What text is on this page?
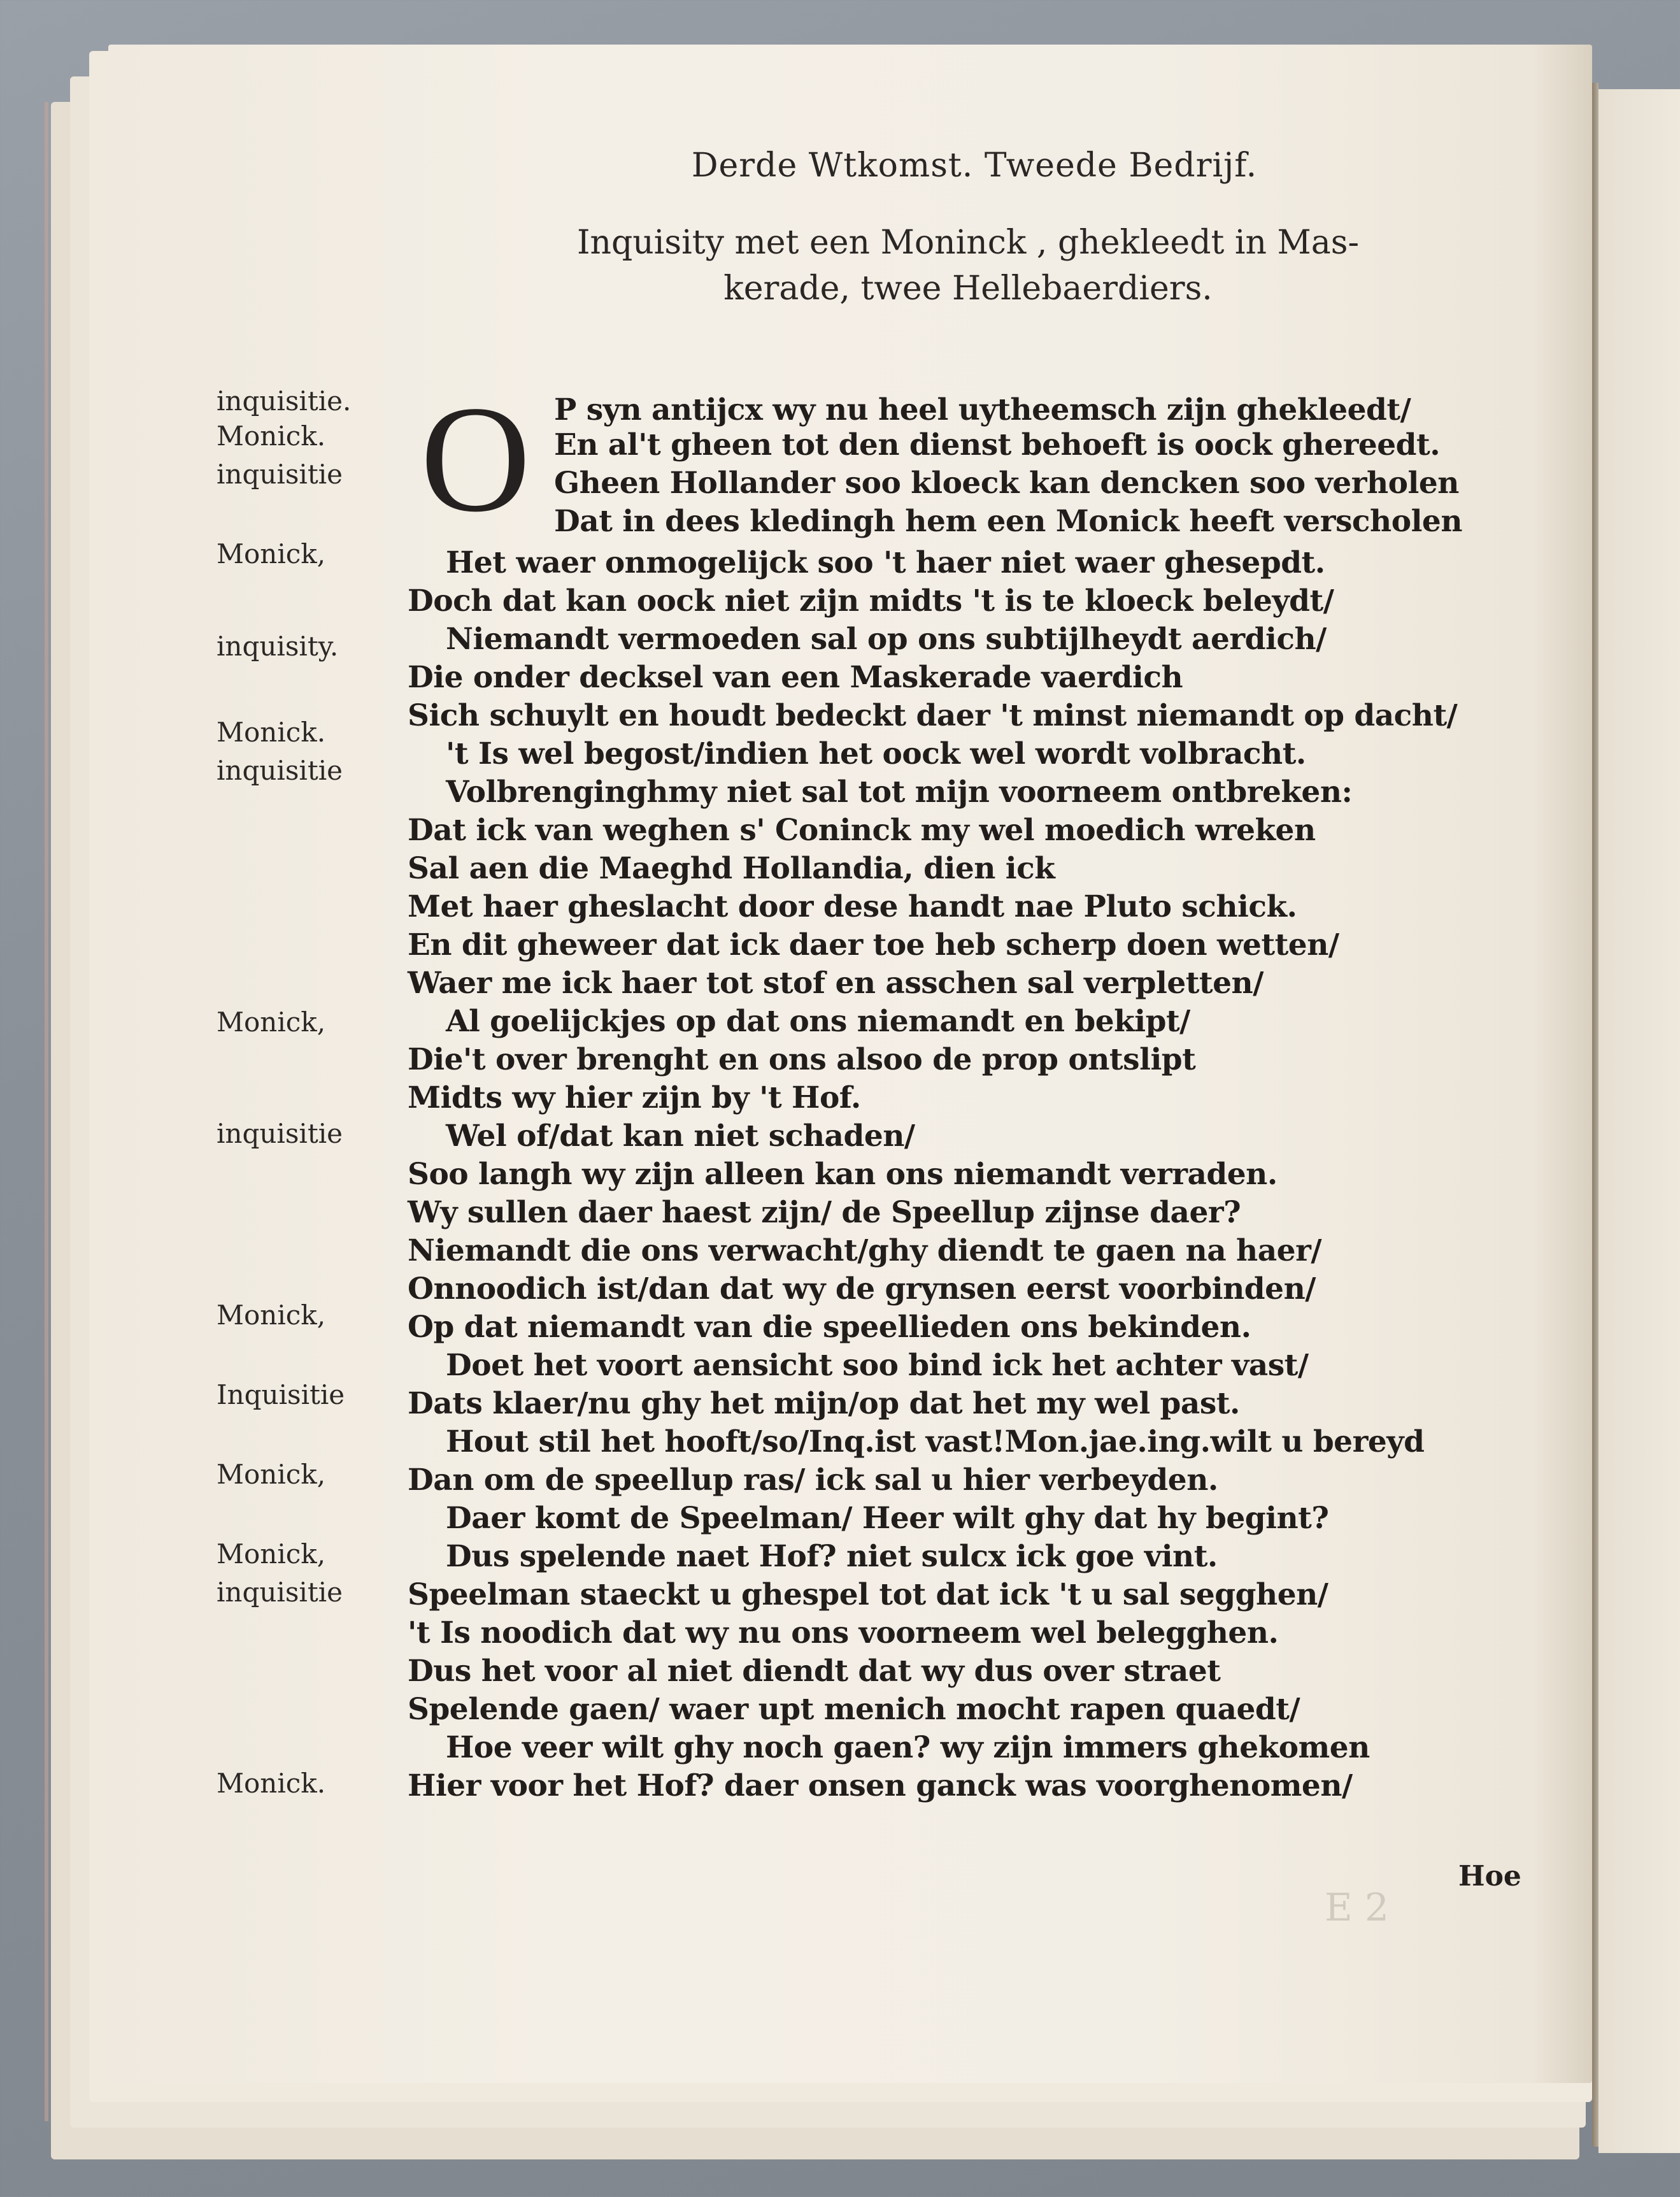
E 2
Derde Wtkomst. Tweede Bedrijf.
Inquisity met een Moninck , ghekleedt in Mas-
kerade, twee Hellebaerdiers.
O
inquisitie.
Monick.
inquisitie
Monick,
inquisity.
Monick.
inquisitie
Monick,
inquisitie
Monick,
Inquisitie
Monick,
Monick,
inquisitie
Monick.
P syn antijcx wy nu heel uytheemsch zijn ghekleedt/
En al't gheen tot den dienst behoeft is oock ghereedt.
Gheen Hollander soo kloeck kan dencken soo verholen
Dat in dees kledingh hem een Monick heeft verscholen
Het waer onmogelijck soo 't haer niet waer ghesepdt.
Doch dat kan oock niet zijn midts 't is te kloeck beleydt/
Niemandt vermoeden sal op ons subtijlheydt aerdich/
Die onder decksel van een Maskerade vaerdich
Sich schuylt en houdt bedeckt daer 't minst niemandt op dacht/
't Is wel begost/indien het oock wel wordt volbracht.
Volbrenginghmy niet sal tot mijn voorneem ontbreken:
Dat ick van weghen s' Coninck my wel moedich wreken
Sal aen die Maeghd Hollandia, dien ick
Met haer gheslacht door dese handt nae Pluto schick.
En dit gheweer dat ick daer toe heb scherp doen wetten/
Waer me ick haer tot stof en asschen sal verpletten/
Al goelijckjes op dat ons niemandt en bekipt/
Die't over brenght en ons alsoo de prop ontslipt
Midts wy hier zijn by 't Hof.
Wel of/dat kan niet schaden/
Soo langh wy zijn alleen kan ons niemandt verraden.
Wy sullen daer haest zijn/ de Speellup zijnse daer?
Niemandt die ons verwacht/ghy diendt te gaen na haer/
Onnoodich ist/dan dat wy de grynsen eerst voorbinden/
Op dat niemandt van die speellieden ons bekinden.
Doet het voort aensicht soo bind ick het achter vast/
Dats klaer/nu ghy het mijn/op dat het my wel past.
Hout stil het hooft/so/Inq.ist vast!Mon.jae.ing.wilt u bereyd
Dan om de speellup ras/ ick sal u hier verbeyden.
Daer komt de Speelman/ Heer wilt ghy dat hy begint?
Dus spelende naet Hof? niet sulcx ick goe vint.
Speelman staeckt u ghespel tot dat ick 't u sal segghen/
't Is noodich dat wy nu ons voorneem wel belegghen.
Dus het voor al niet diendt dat wy dus over straet
Spelende gaen/ waer upt menich mocht rapen quaedt/
Hoe veer wilt ghy noch gaen? wy zijn immers ghekomen
Hier voor het Hof? daer onsen ganck was voorghenomen/
Hoe
